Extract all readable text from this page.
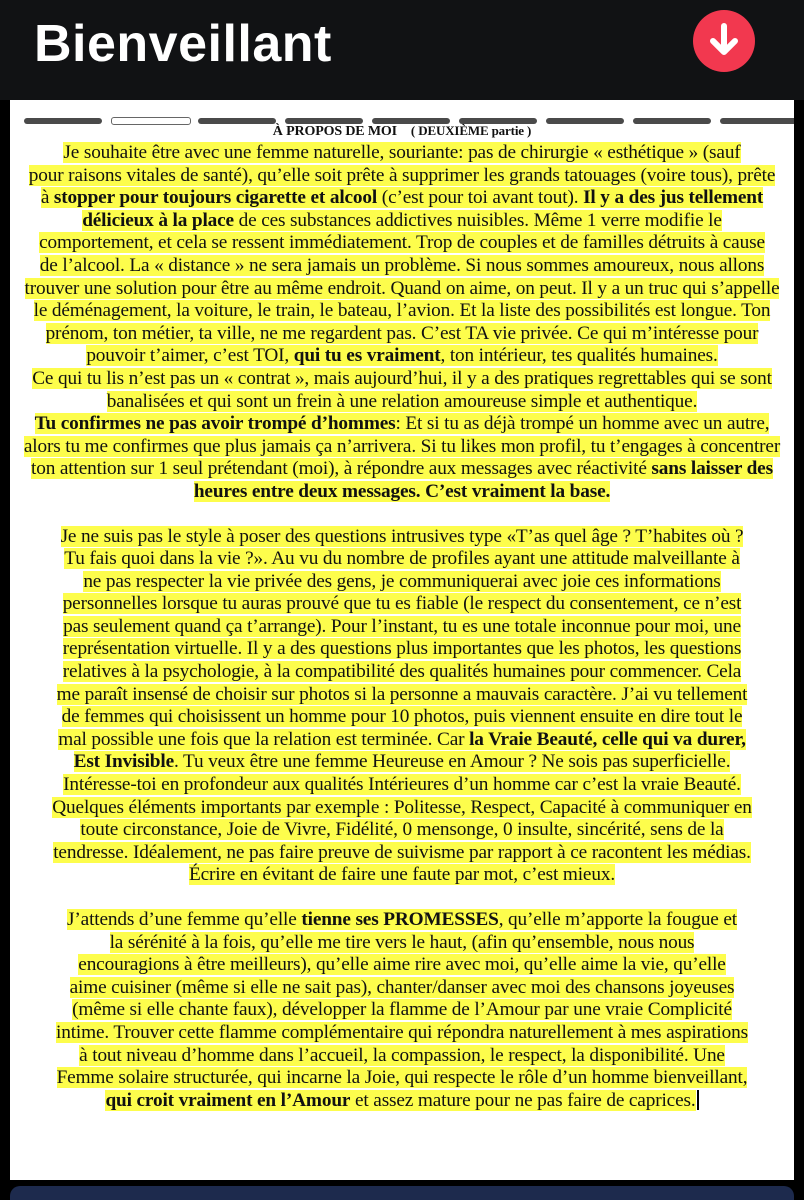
Bienveillant
À PROPOS DE MOI ( DEUXIÈME partie )
Je souhaite être avec une femme naturelle, souriante: pas de chirurgie « esthétique » (sauf
pour raisons vitales de santé), qu’elle soit prête à supprimer les grands tatouages (voire tous), prête
à stopper pour toujours cigarette et alcool (c’est pour toi avant tout). Il y a des jus tellement
délicieux à la place de ces substances addictives nuisibles. Même 1 verre modifie le
comportement, et cela se ressent immédiatement. Trop de couples et de familles détruits à cause
de l’alcool. La « distance » ne sera jamais un problème. Si nous sommes amoureux, nous allons
trouver une solution pour être au même endroit. Quand on aime, on peut. Il y a un truc qui s’appelle
le déménagement, la voiture, le train, le bateau, l’avion. Et la liste des possibilités est longue. Ton
prénom, ton métier, ta ville, ne me regardent pas. C’est TA vie privée. Ce qui m’intéresse pour
pouvoir t’aimer, c’est TOI, qui tu es vraiment, ton intérieur, tes qualités humaines.
Ce qui tu lis n’est pas un « contrat », mais aujourd’hui, il y a des pratiques regrettables qui se sont
banalisées et qui sont un frein à une relation amoureuse simple et authentique.
Tu confirmes ne pas avoir trompé d’hommes: Et si tu as déjà trompé un homme avec un autre,
alors tu me confirmes que plus jamais ça n’arrivera. Si tu likes mon profil, tu t’engages à concentrer
ton attention sur 1 seul prétendant (moi), à répondre aux messages avec réactivité sans laisser des
heures entre deux messages. C’est vraiment la base.
Je ne suis pas le style à poser des questions intrusives type «T’as quel âge ? T’habites où ?
Tu fais quoi dans la vie ?». Au vu du nombre de profiles ayant une attitude malveillante à
ne pas respecter la vie privée des gens, je communiquerai avec joie ces informations
personnelles lorsque tu auras prouvé que tu es fiable (le respect du consentement, ce n’est
pas seulement quand ça t’arrange). Pour l’instant, tu es une totale inconnue pour moi, une
représentation virtuelle. Il y a des questions plus importantes que les photos, les questions
relatives à la psychologie, à la compatibilité des qualités humaines pour commencer. Cela
me paraît insensé de choisir sur photos si la personne a mauvais caractère. J’ai vu tellement
de femmes qui choisissent un homme pour 10 photos, puis viennent ensuite en dire tout le
mal possible une fois que la relation est terminée. Car la Vraie Beauté, celle qui va durer,
Est Invisible. Tu veux être une femme Heureuse en Amour ? Ne sois pas superficielle.
Intéresse-toi en profondeur aux qualités Intérieures d’un homme car c’est la vraie Beauté.
Quelques éléments importants par exemple : Politesse, Respect, Capacité à communiquer en
toute circonstance, Joie de Vivre, Fidélité, 0 mensonge, 0 insulte, sincérité, sens de la
tendresse. Idéalement, ne pas faire preuve de suivisme par rapport à ce racontent les médias.
Écrire en évitant de faire une faute par mot, c’est mieux.
J’attends d’une femme qu’elle tienne ses PROMESSES, qu’elle m’apporte la fougue et
la sérénité à la fois, qu’elle me tire vers le haut, (afin qu’ensemble, nous nous
encouragions à être meilleurs), qu’elle aime rire avec moi, qu’elle aime la vie, qu’elle
aime cuisiner (même si elle ne sait pas), chanter/danser avec moi des chansons joyeuses
(même si elle chante faux), développer la flamme de l’Amour par une vraie Complicité
intime. Trouver cette flamme complémentaire qui répondra naturellement à mes aspirations
à tout niveau d’homme dans l’accueil, la compassion, le respect, la disponibilité. Une
Femme solaire structurée, qui incarne la Joie, qui respecte le rôle d’un homme bienveillant,
qui croit vraiment en l’Amour et assez mature pour ne pas faire de caprices.
